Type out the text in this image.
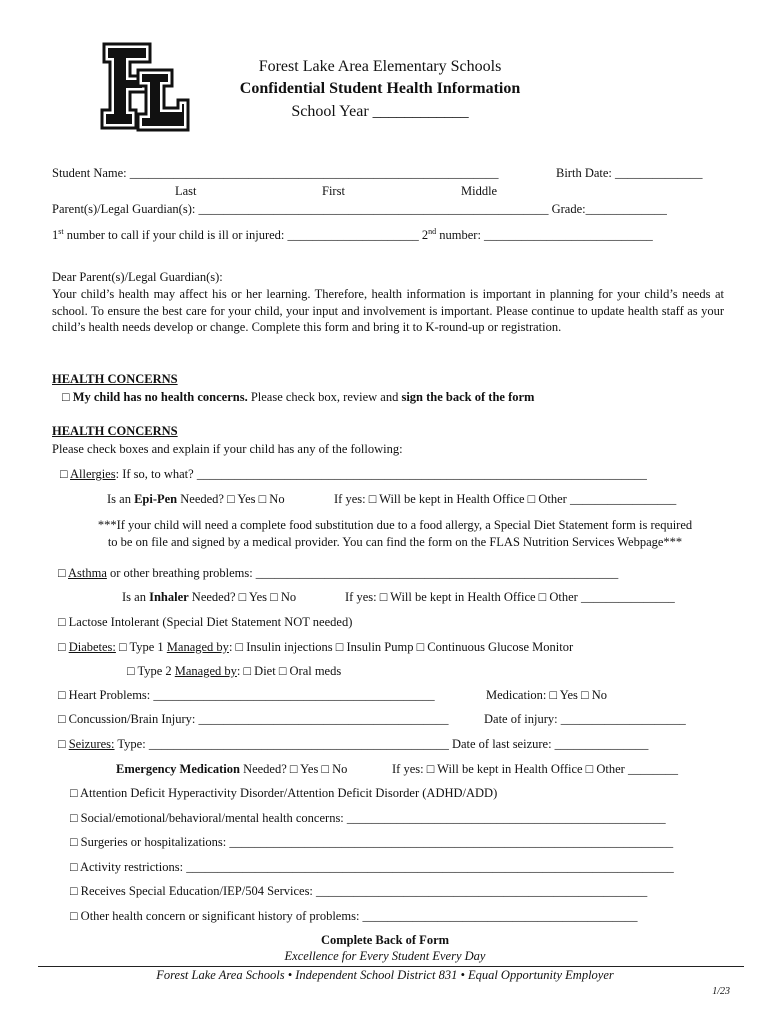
Forest Lake Area Elementary Schools
Confidential Student Health Information
School Year ____________
Student Name: ___________________________________________________________	Birth Date: ______________
Last	First	Middle
Parent(s)/Legal Guardian(s): ________________________________________________________ Grade:_____________
1st number to call if your child is ill or injured: _____________________ 2nd number: ___________________________
Dear Parent(s)/Legal Guardian(s):
Your child’s health may affect his or her learning. Therefore, health information is important in planning for your child’s needs at school. To ensure the best care for your child, your input and involvement is important. Please continue to update health staff as your child’s health needs develop or change. Complete this form and bring it to K-round-up or registration.
HEALTH CONCERNS
□ My child has no health concerns. Please check box, review and sign the back of the form
HEALTH CONCERNS
Please check boxes and explain if your child has any of the following:
□ Allergies: If so, to what? ________________________________________________________________________
Is an Epi-Pen Needed? □ Yes □ No	If yes: □ Will be kept in Health Office □ Other _________________
***If your child will need a complete food substitution due to a food allergy, a Special Diet Statement form is required to be on file and signed by a medical provider. You can find the form on the FLAS Nutrition Services Webpage***
□ Asthma or other breathing problems: __________________________________________________________
Is an Inhaler Needed? □ Yes □ No	If yes: □ Will be kept in Health Office □ Other _______________
□ Lactose Intolerant (Special Diet Statement NOT needed)
□ Diabetes: □ Type 1 Managed by: □ Insulin injections □ Insulin Pump □ Continuous Glucose Monitor
□ Type 2 Managed by: □ Diet □ Oral meds
□ Heart Problems: _____________________________________________	Medication: □ Yes □ No
□ Concussion/Brain Injury: ________________________________________	Date of injury: ____________________
□ Seizures: Type: ________________________________________________ Date of last seizure: _______________
Emergency Medication Needed? □ Yes □ No	If yes: □ Will be kept in Health Office □ Other ________
□ Attention Deficit Hyperactivity Disorder/Attention Deficit Disorder (ADHD/ADD)
□ Social/emotional/behavioral/mental health concerns: ___________________________________________________
□ Surgeries or hospitalizations: _______________________________________________________________________
□ Activity restrictions: ______________________________________________________________________________
□ Receives Special Education/IEP/504 Services: _____________________________________________________
□ Other health concern or significant history of problems: ____________________________________________
Complete Back of Form
Excellence for Every Student Every Day
Forest Lake Area Schools • Independent School District 831 • Equal Opportunity Employer
1/23
